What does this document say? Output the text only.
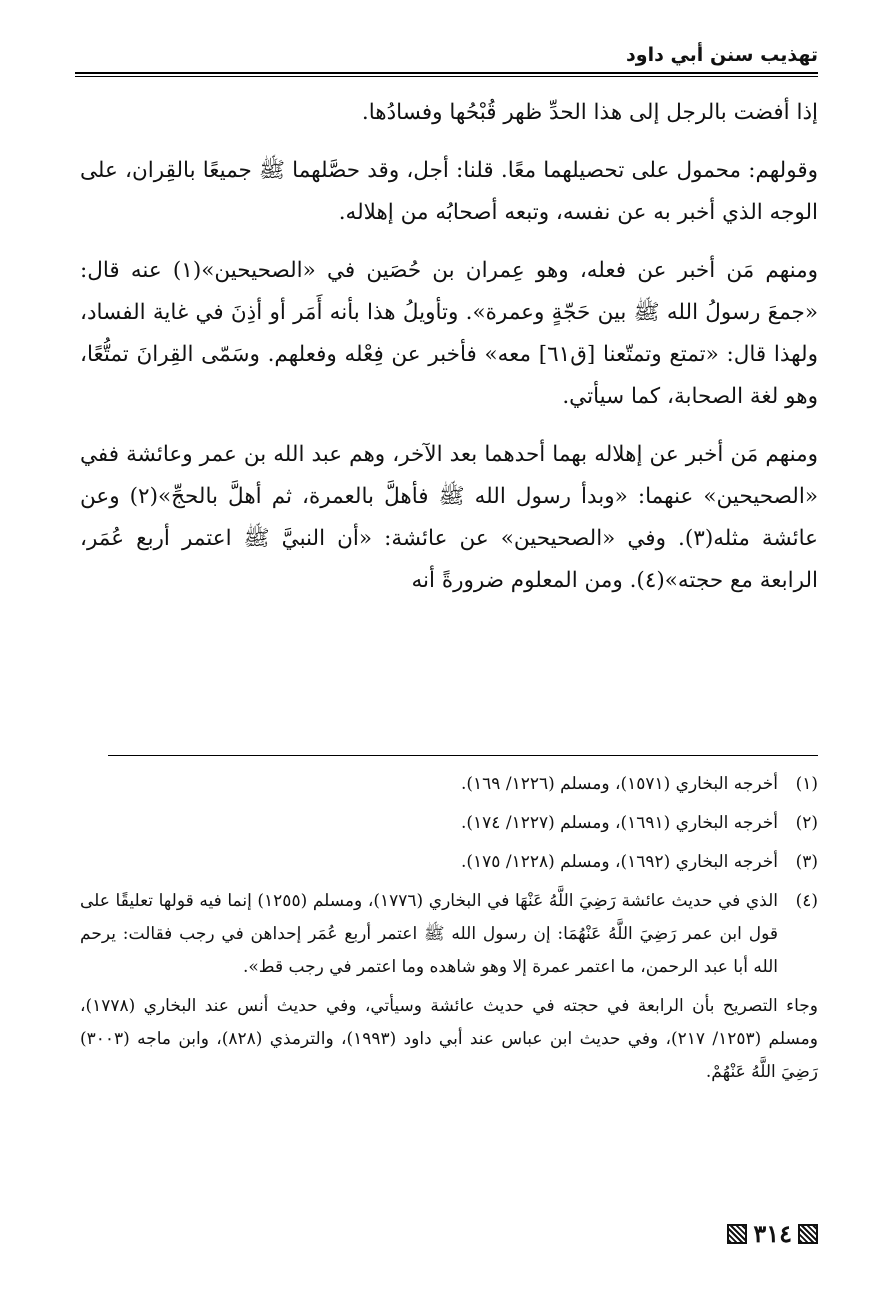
تهذيب سنن أبي داود

إذا أفضت بالرجل إلى هذا الحدِّ ظهر قُبْحُها وفسادُها.

وقولهم: محمول على تحصيلهما معًا. قلنا: أجل، وقد حصَّلهما ﷺ جميعًا بالقِران، على الوجه الذي أخبر به عن نفسه، وتبعه أصحابُه من إهلاله.

ومنهم مَن أخبر عن فعله، وهو عِمران بن حُصَين في «الصحيحين»(١) عنه قال: «جمعَ رسولُ الله ﷺ بين حَجّةٍ وعمرة». وتأويلُ هذا بأنه أَمَر أو أذِنَ في غاية الفساد، ولهذا قال: «تمتع وتمتّعنا [ق٦١] معه» فأخبر عن فِعْله وفعلهم. وسَمّى القِرانَ تمتُّعًا، وهو لغة الصحابة، كما سيأتي.

ومنهم مَن أخبر عن إهلاله بهما أحدهما بعد الآخر، وهم عبد الله بن عمر وعائشة ففي «الصحيحين» عنهما: «وبدأ رسول الله ﷺ فأهلَّ بالعمرة، ثم أهلَّ بالحجِّ»(٢) وعن عائشة مثله(٣). وفي «الصحيحين» عن عائشة: «أن النبيَّ ﷺ اعتمر أربع عُمَر، الرابعة مع حجته»(٤). ومن المعلوم ضرورةً أنه

(١)
أخرجه البخاري (١٥٧١)، ومسلم (١٢٢٦/ ١٦٩).
(٢)
أخرجه البخاري (١٦٩١)، ومسلم (١٢٢٧/ ١٧٤).
(٣)
أخرجه البخاري (١٦٩٢)، ومسلم (١٢٢٨/ ١٧٥).
(٤)
الذي في حديث عائشة رَضِيَ اللَّهُ عَنْهَا في البخاري (١٧٧٦)، ومسلم (١٢٥٥) إنما فيه قولها تعليقًا على قول ابن عمر رَضِيَ اللَّهُ عَنْهُمَا: إن رسول الله ﷺ اعتمر أربع عُمَر إحداهن في رجب فقالت: يرحم الله أبا عبد الرحمن، ما اعتمر عمرة إلا وهو شاهده وما اعتمر في رجب قط».
وجاء التصريح بأن الرابعة في حجته في حديث عائشة وسيأتي، وفي حديث أنس عند البخاري (١٧٧٨)، ومسلم (١٢٥٣/ ٢١٧)، وفي حديث ابن عباس عند أبي داود (١٩٩٣)، والترمذي (٨٢٨)، وابن ماجه (٣٠٠٣) رَضِيَ اللَّهُ عَنْهُمْ.
٣١٤
